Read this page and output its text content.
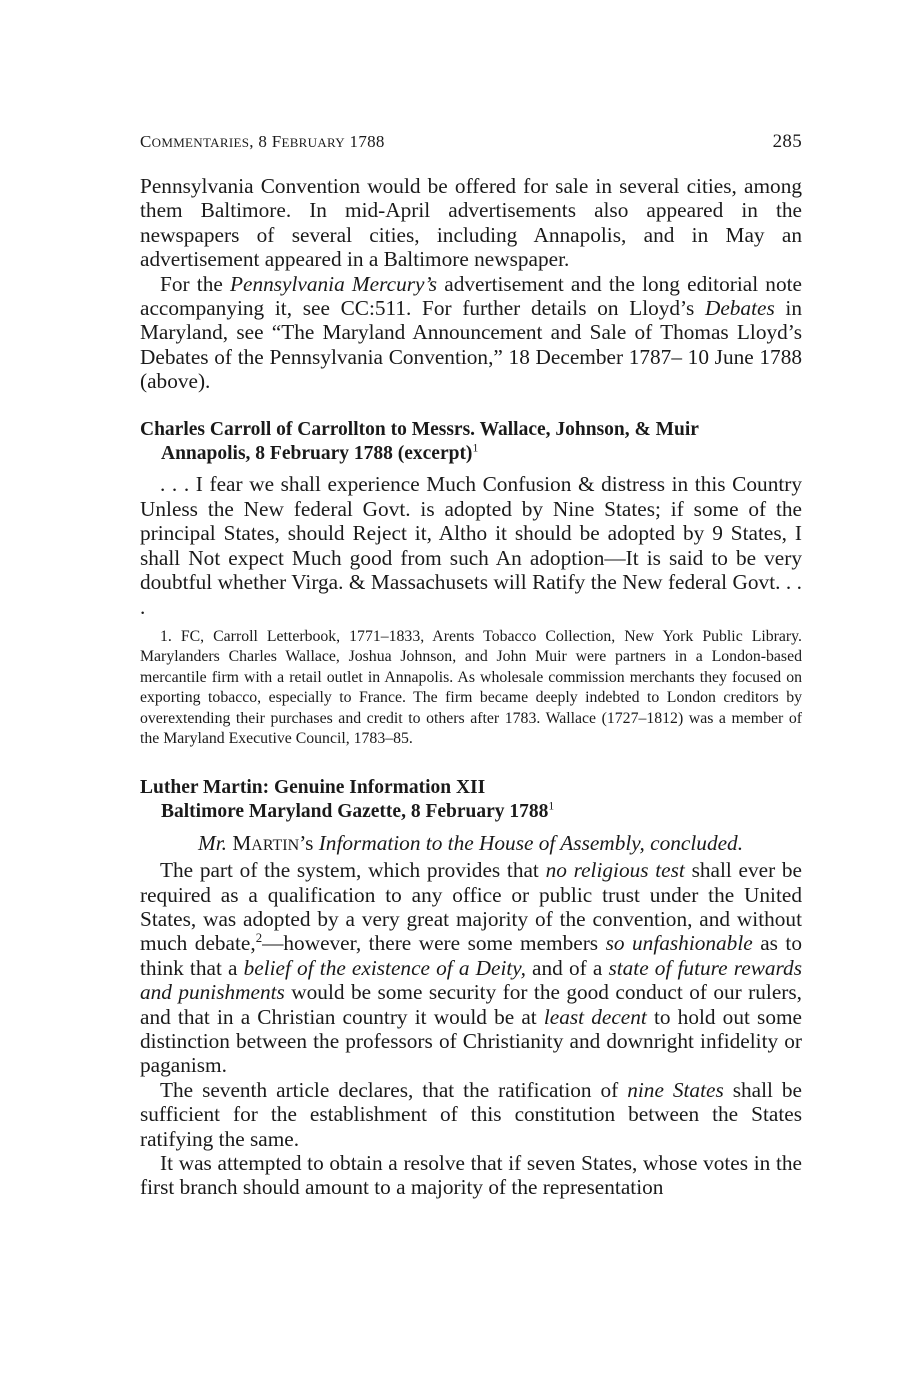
COMMENTARIES, 8 FEBRUARY 1788	285

Pennsylvania Convention would be offered for sale in several cities, among them Baltimore. In mid-April advertisements also appeared in the newspapers of several cities, including Annapolis, and in May an advertisement appeared in a Baltimore newspaper.

For the Pennsylvania Mercury’s advertisement and the long editorial note accompanying it, see CC:511. For further details on Lloyd’s Debates in Maryland, see “The Maryland Announcement and Sale of Thomas Lloyd’s Debates of the Pennsylvania Convention,” 18 December 1787– 10 June 1788 (above).

Charles Carroll of Carrollton to Messrs. Wallace, Johnson, & Muir
Annapolis, 8 February 1788 (excerpt)$^1$

. . . I fear we shall experience Much Confusion & distress in this Country Unless the New federal Govt. is adopted by Nine States; if some of the principal States, should Reject it, Altho it should be adopted by 9 States, I shall Not expect Much good from such An adoption—It is said to be very doubtful whether Virga. & Massachusets will Ratify the New federal Govt. . . .

1. FC, Carroll Letterbook, 1771–1833, Arents Tobacco Collection, New York Public Library. Marylanders Charles Wallace, Joshua Johnson, and John Muir were partners in a London-based mercantile firm with a retail outlet in Annapolis. As wholesale commission merchants they focused on exporting tobacco, especially to France. The firm became deeply indebted to London creditors by overextending their purchases and credit to others after 1783. Wallace (1727–1812) was a member of the Maryland Executive Council, 1783–85.

Luther Martin: Genuine Information XII
Baltimore Maryland Gazette, 8 February 1788$^1$

Mr. MARTIN’s Information to the House of Assembly, concluded.

The part of the system, which provides that no religious test shall ever be required as a qualification to any office or public trust under the United States, was adopted by a very great majority of the convention, and without much debate,$^2$—however, there were some members so unfashionable as to think that a belief of the existence of a Deity, and of a state of future rewards and punishments would be some security for the good conduct of our rulers, and that in a Christian country it would be at least decent to hold out some distinction between the professors of Christianity and downright infidelity or paganism.

The seventh article declares, that the ratification of nine States shall be sufficient for the establishment of this constitution between the States ratifying the same.

It was attempted to obtain a resolve that if seven States, whose votes in the first branch should amount to a majority of the representation
